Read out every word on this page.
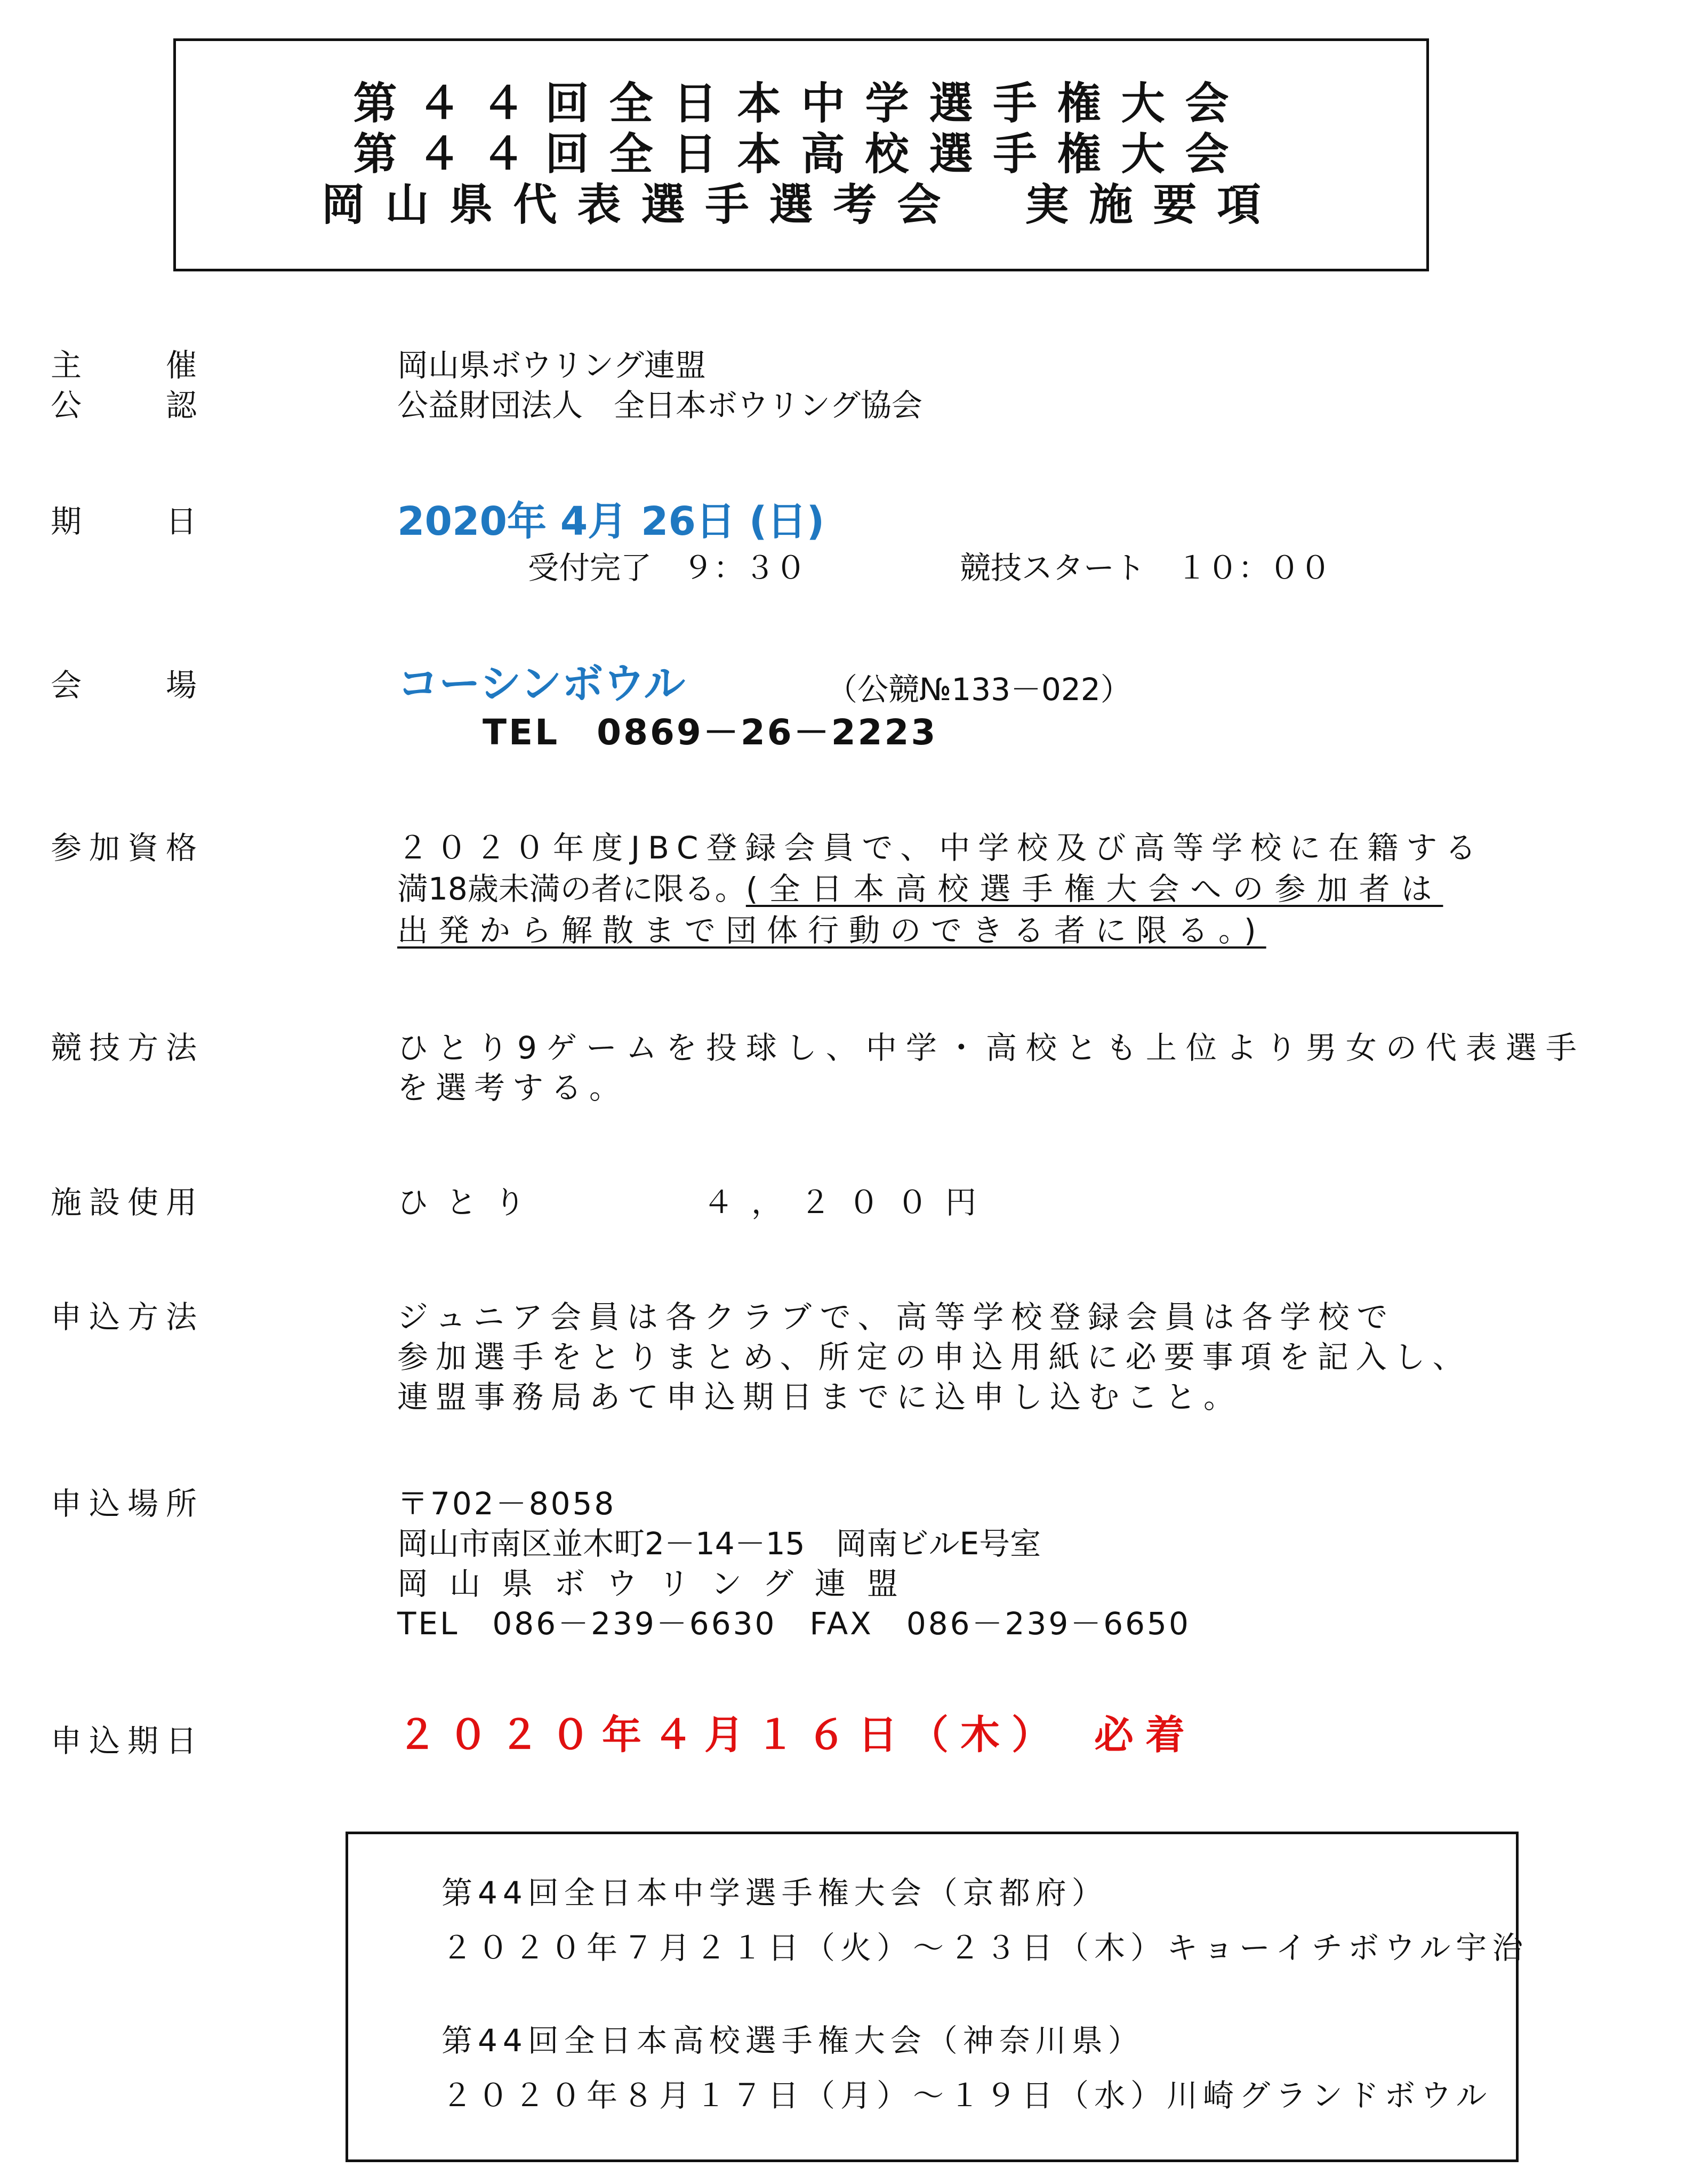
第４４回全日本中学選手権大会
第４４回全日本高校選手権大会
岡山県代表選手選考会　実施要項
主　　催	岡山県ボウリング連盟
公　　認	公益財団法人　全日本ボウリング協会
期　　日	2020年 4月 26日 (日)
受付完了　９：３０	競技スタート　１０：００
会　　場	コーシンボウル	（公競№133－022）
TEL　0869－26－2223
参加資格	２０２０年度JBC登録会員で、中学校及び高等学校に在籍する
満18歳未満の者に限る。(全日本高校選手権大会への参加者は
出発から解散まで団体行動のできる者に限る。)
競技方法	ひとり9ゲームを投球し、中学・高校とも上位より男女の代表選手
を選考する。
施設使用	ひとり	４，２００円
申込方法	ジュニア会員は各クラブで、高等学校登録会員は各学校で
参加選手をとりまとめ、所定の申込用紙に必要事項を記入し、
連盟事務局あて申込期日までに込申し込むこと。
申込場所	〒702－8058
岡山市南区並木町2－14－15　岡南ビルE号室
岡山県ボウリング連盟
TEL　086－239－6630　FAX　086－239－6650
申込期日	２０２０年４月１６日（木）　必着
第44回全日本中学選手権大会（京都府）
２０２０年７月２１日（火）～２３日（木）キョーイチボウル宇治
第44回全日本高校選手権大会（神奈川県）
２０２０年８月１７日（月）～１９日（水）川崎グランドボウル
